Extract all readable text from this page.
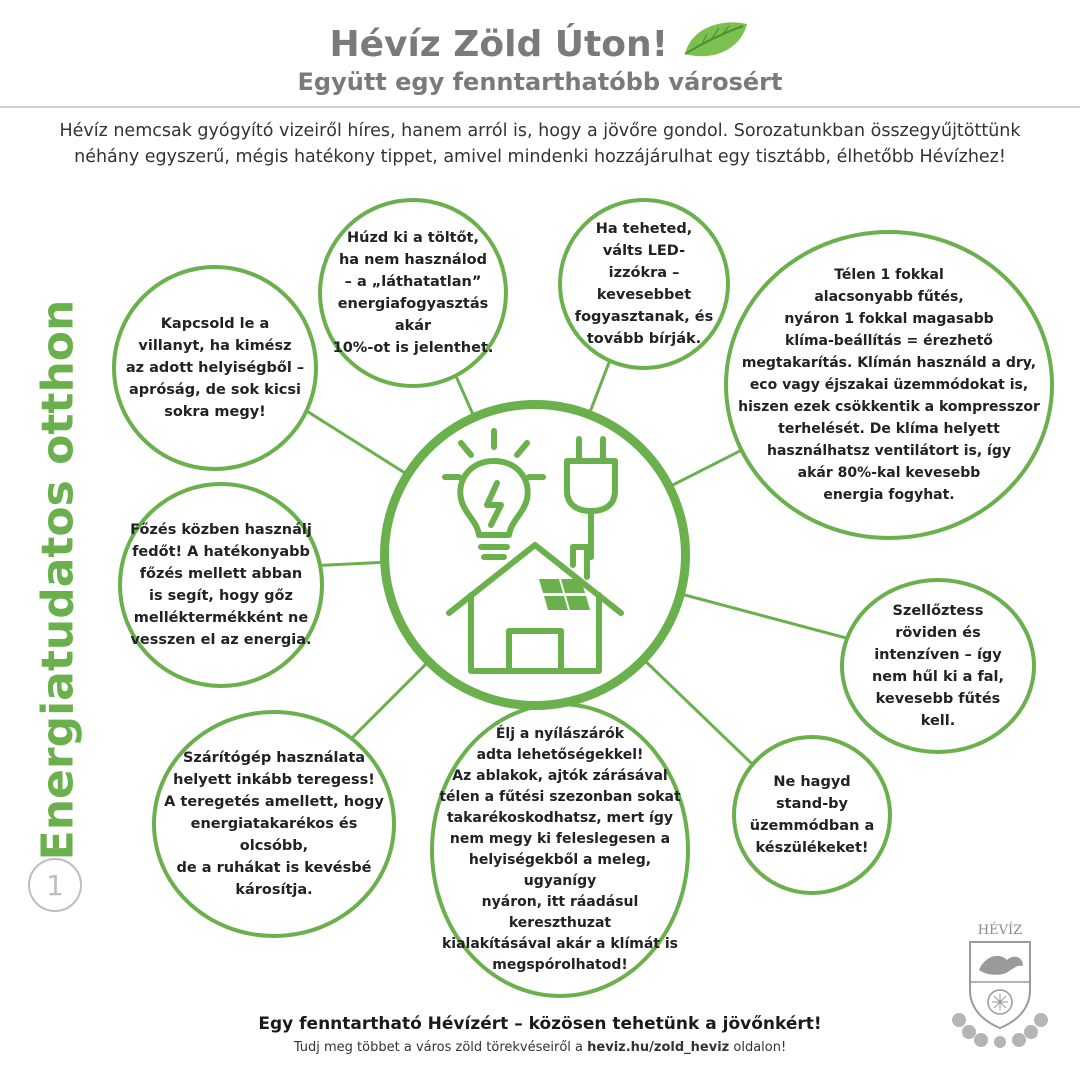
Hévíz Zöld Úton!
Együtt egy fenntarthatóbb városért
Hévíz nemcsak gyógyító vizeiről híres, hanem arról is, hogy a jövőre gondol. Sorozatunkban összegyűjtöttünk
néhány egyszerű, mégis hatékony tippet, amivel mindenki hozzájárulhat egy tisztább, élhetőbb Hévízhez!
Energiatudatos otthon
1
Húzd ki a töltőt,
ha nem használod
– a „láthatatlan”
energiafogyasztás akár
10%-ot is jelenthet.
Ha teheted,
válts LED-
izzókra – kevesebbet
fogyasztanak, és
tovább bírják.
Kapcsold le a
villanyt, ha kimész
az adott helyiségből –
apróság, de sok kicsi
sokra megy!
Télen 1 fokkal
alacsonyabb fűtés,
nyáron 1 fokkal magasabb
klíma-beállítás = érezhető
megtakarítás. Klímán használd a dry,
eco vagy éjszakai üzemmódokat is,
hiszen ezek csökkentik a kompresszor
terhelését. De klíma helyett
használhatsz ventilátort is, így
akár 80%-kal kevesebb
energia fogyhat.
Főzés közben használj
fedőt! A hatékonyabb
főzés mellett abban
is segít, hogy gőz
melléktermékként ne
vesszen el az energia.
Szellőztess
röviden és
intenzíven – így
nem hűl ki a fal,
kevesebb fűtés
kell.
Szárítógép használata
helyett inkább teregess!
A teregetés amellett, hogy
energiatakarékos és olcsóbb,
de a ruhákat is kevésbé
károsítja.
Élj a nyílászárók
adta lehetőségekkel!
Az ablakok, ajtók zárásával
télen a fűtési szezonban sokat
takarékoskodhatsz, mert így
nem megy ki feleslegesen a
helyiségekből a meleg, ugyanígy
nyáron, itt ráadásul kereszthuzat
kialakításával akár a klímát is
megspórolhatod!
Ne hagyd
stand-by
üzemmódban a
készülékeket!
Egy fenntartható Hévízért – közösen tehetünk a jövőnkért!
Tudj meg többet a város zöld törekvéseiről a heviz.hu/zold_heviz oldalon!
HÉVÍZ
